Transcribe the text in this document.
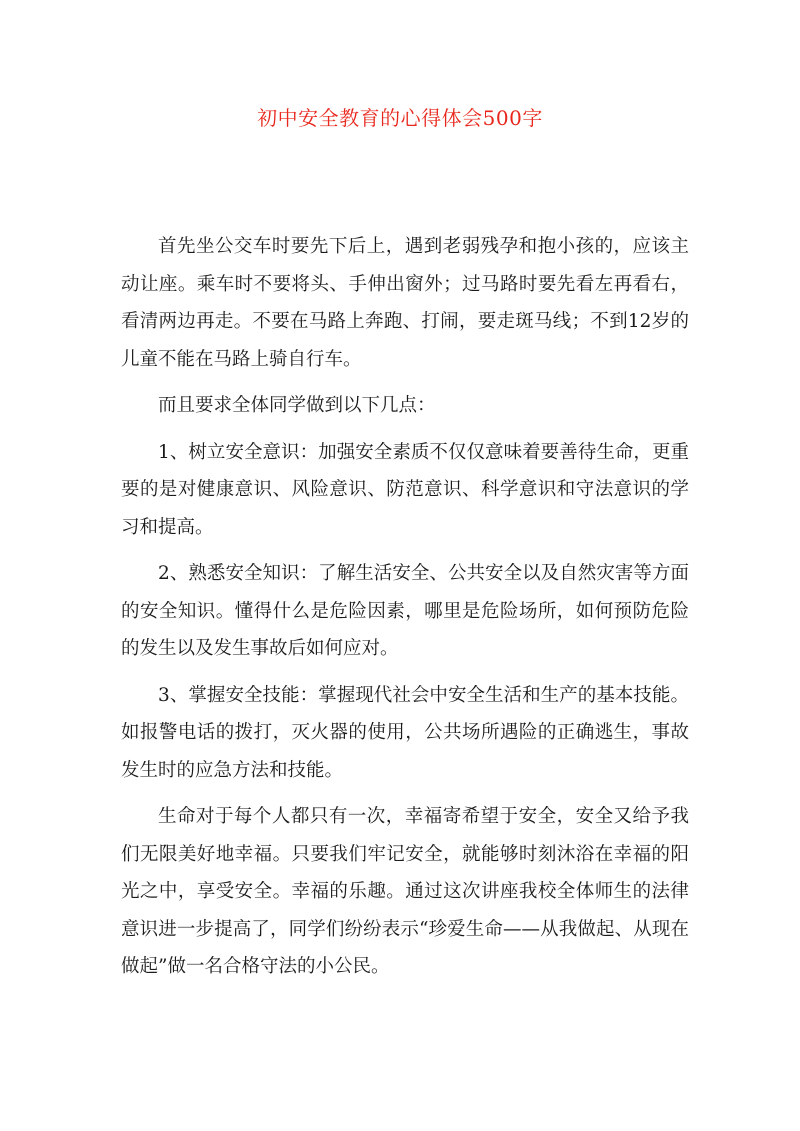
初中安全教育的心得体会500字

首先坐公交车时要先下后上，遇到老弱残孕和抱小孩的，应该主动让座。乘车时不要将头、手伸出窗外；过马路时要先看左再看右，看清两边再走。不要在马路上奔跑、打闹，要走斑马线；不到12岁的儿童不能在马路上骑自行车。

而且要求全体同学做到以下几点：

1、树立安全意识：加强安全素质不仅仅意味着要善待生命，更重要的是对健康意识、风险意识、防范意识、科学意识和守法意识的学习和提高。

2、熟悉安全知识：了解生活安全、公共安全以及自然灾害等方面的安全知识。懂得什么是危险因素，哪里是危险场所，如何预防危险的发生以及发生事故后如何应对。

3、掌握安全技能：掌握现代社会中安全生活和生产的基本技能。如报警电话的拨打，灭火器的使用，公共场所遇险的正确逃生，事故发生时的应急方法和技能。

生命对于每个人都只有一次，幸福寄希望于安全，安全又给予我们无限美好地幸福。只要我们牢记安全，就能够时刻沐浴在幸福的阳光之中，享受安全。幸福的乐趣。通过这次讲座我校全体师生的法律意识进一步提高了，同学们纷纷表示“珍爱生命——从我做起、从现在做起”做一名合格守法的小公民。
